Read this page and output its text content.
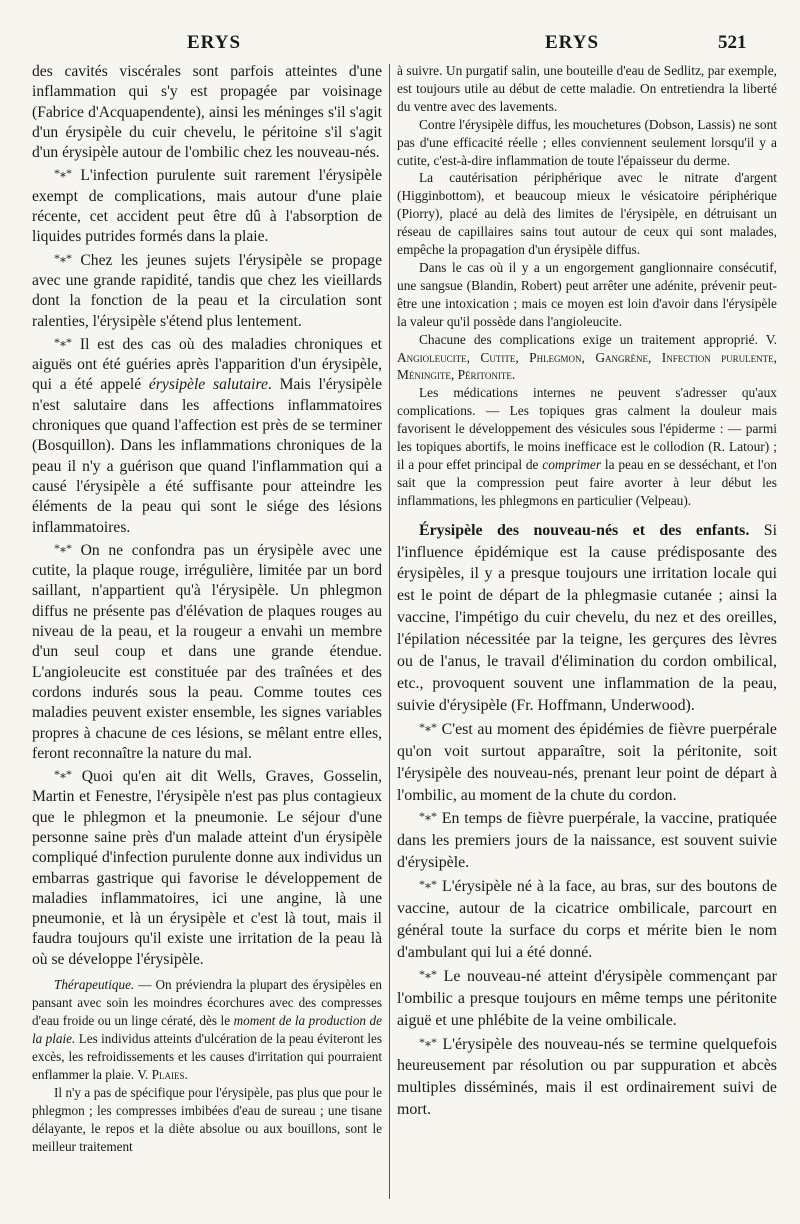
ERYS	ERYS	521

des cavités viscérales sont parfois atteintes d'une inflammation qui s'y est propagée par voisinage (Fabrice d'Acquapendente), ainsi les méninges s'il s'agit d'un érysipèle du cuir chevelu, le péritoine s'il s'agit d'un érysipèle autour de l'ombilic chez les nouveau-nés.

*⁎* L'infection purulente suit rarement l'érysipèle exempt de complications, mais autour d'une plaie récente, cet accident peut être dû à l'absorption de liquides putrides formés dans la plaie.

*⁎* Chez les jeunes sujets l'érysipèle se propage avec une grande rapidité, tandis que chez les vieillards dont la fonction de la peau et la circulation sont ralenties, l'érysipèle s'étend plus lentement.

*⁎* Il est des cas où des maladies chroniques et aiguës ont été guéries après l'apparition d'un érysipèle, qui a été appelé érysipèle salutaire. Mais l'érysipèle n'est salutaire dans les affections inflammatoires chroniques que quand l'affection est près de se terminer (Bosquillon). Dans les inflammations chroniques de la peau il n'y a guérison que quand l'inflammation qui a causé l'érysipèle a été suffisante pour atteindre les éléments de la peau qui sont le siége des lésions inflammatoires.

*⁎* On ne confondra pas un érysipèle avec une cutite, la plaque rouge, irrégulière, limitée par un bord saillant, n'appartient qu'à l'érysipèle. Un phlegmon diffus ne présente pas d'élévation de plaques rouges au niveau de la peau, et la rougeur a envahi un membre d'un seul coup et dans une grande étendue. L'angioleucite est constituée par des traînées et des cordons indurés sous la peau. Comme toutes ces maladies peuvent exister ensemble, les signes variables propres à chacune de ces lésions, se mêlant entre elles, feront reconnaître la nature du mal.

*⁎* Quoi qu'en ait dit Wells, Graves, Gosselin, Martin et Fenestre, l'érysipèle n'est pas plus contagieux que le phlegmon et la pneumonie. Le séjour d'une personne saine près d'un malade atteint d'un érysipèle compliqué d'infection purulente donne aux individus un embarras gastrique qui favorise le développement de maladies inflammatoires, ici une angine, là une pneumonie, et là un érysipèle et c'est là tout, mais il faudra toujours qu'il existe une irritation de la peau là où se développe l'érysipèle.

Thérapeutique. — On préviendra la plupart des érysipèles en pansant avec soin les moindres écorchures avec des compresses d'eau froide ou un linge cératé, dès le moment de la production de la plaie. Les individus atteints d'ulcération de la peau éviteront les excès, les refroidissements et les causes d'irritation qui pourraient enflammer la plaie. V. Plaies.

Il n'y a pas de spécifique pour l'érysipèle, pas plus que pour le phlegmon ; les compresses imbibées d'eau de sureau ; une tisane délayante, le repos et la diète absolue ou aux bouillons, sont le meilleur traitement

à suivre. Un purgatif salin, une bouteille d'eau de Sedlitz, par exemple, est toujours utile au début de cette maladie. On entretiendra la liberté du ventre avec des lavements.

Contre l'érysipèle diffus, les mouchetures (Dobson, Lassis) ne sont pas d'une efficacité réelle ; elles conviennent seulement lorsqu'il y a cutite, c'est-à-dire inflammation de toute l'épaisseur du derme.

La cautérisation périphérique avec le nitrate d'argent (Higginbottom), et beaucoup mieux le vésicatoire périphérique (Piorry), placé au delà des limites de l'érysipèle, en détruisant un réseau de capillaires sains tout autour de ceux qui sont malades, empêche la propagation d'un érysipèle diffus.

Dans le cas où il y a un engorgement ganglionnaire consécutif, une sangsue (Blandin, Robert) peut arrêter une adénite, prévenir peut-être une intoxication ; mais ce moyen est loin d'avoir dans l'érysipèle la valeur qu'il possède dans l'angioleucite.

Chacune des complications exige un traitement approprié. V. Angioleucite, Cutite, Phlegmon, Gangrène, Infection purulente, Méningite, Péritonite.

Les médications internes ne peuvent s'adresser qu'aux complications. — Les topiques gras calment la douleur mais favorisent le développement des vésicules sous l'épiderme : — parmi les topiques abortifs, le moins inefficace est le collodion (R. Latour) ; il a pour effet principal de comprimer la peau en se desséchant, et l'on sait que la compression peut faire avorter à leur début les inflammations, les phlegmons en particulier (Velpeau).

Érysipèle des nouveau-nés et des enfants. Si l'influence épidémique est la cause prédisposante des érysipèles, il y a presque toujours une irritation locale qui est le point de départ de la phlegmasie cutanée ; ainsi la vaccine, l'impétigo du cuir chevelu, du nez et des oreilles, l'épilation nécessitée par la teigne, les gerçures des lèvres ou de l'anus, le travail d'élimination du cordon ombilical, etc., provoquent souvent une inflammation de la peau, suivie d'érysipèle (Fr. Hoffmann, Underwood).

*⁎* C'est au moment des épidémies de fièvre puerpérale qu'on voit surtout apparaître, soit la péritonite, soit l'érysipèle des nouveau-nés, prenant leur point de départ à l'ombilic, au moment de la chute du cordon.

*⁎* En temps de fièvre puerpérale, la vaccine, pratiquée dans les premiers jours de la naissance, est souvent suivie d'érysipèle.

*⁎* L'érysipèle né à la face, au bras, sur des boutons de vaccine, autour de la cicatrice ombilicale, parcourt en général toute la surface du corps et mérite bien le nom d'ambulant qui lui a été donné.

*⁎* Le nouveau-né atteint d'érysipèle commençant par l'ombilic a presque toujours en même temps une péritonite aiguë et une phlébite de la veine ombilicale.

*⁎* L'érysipèle des nouveau-nés se termine quelquefois heureusement par résolution ou par suppuration et abcès multiples disséminés, mais il est ordinairement suivi de mort.
